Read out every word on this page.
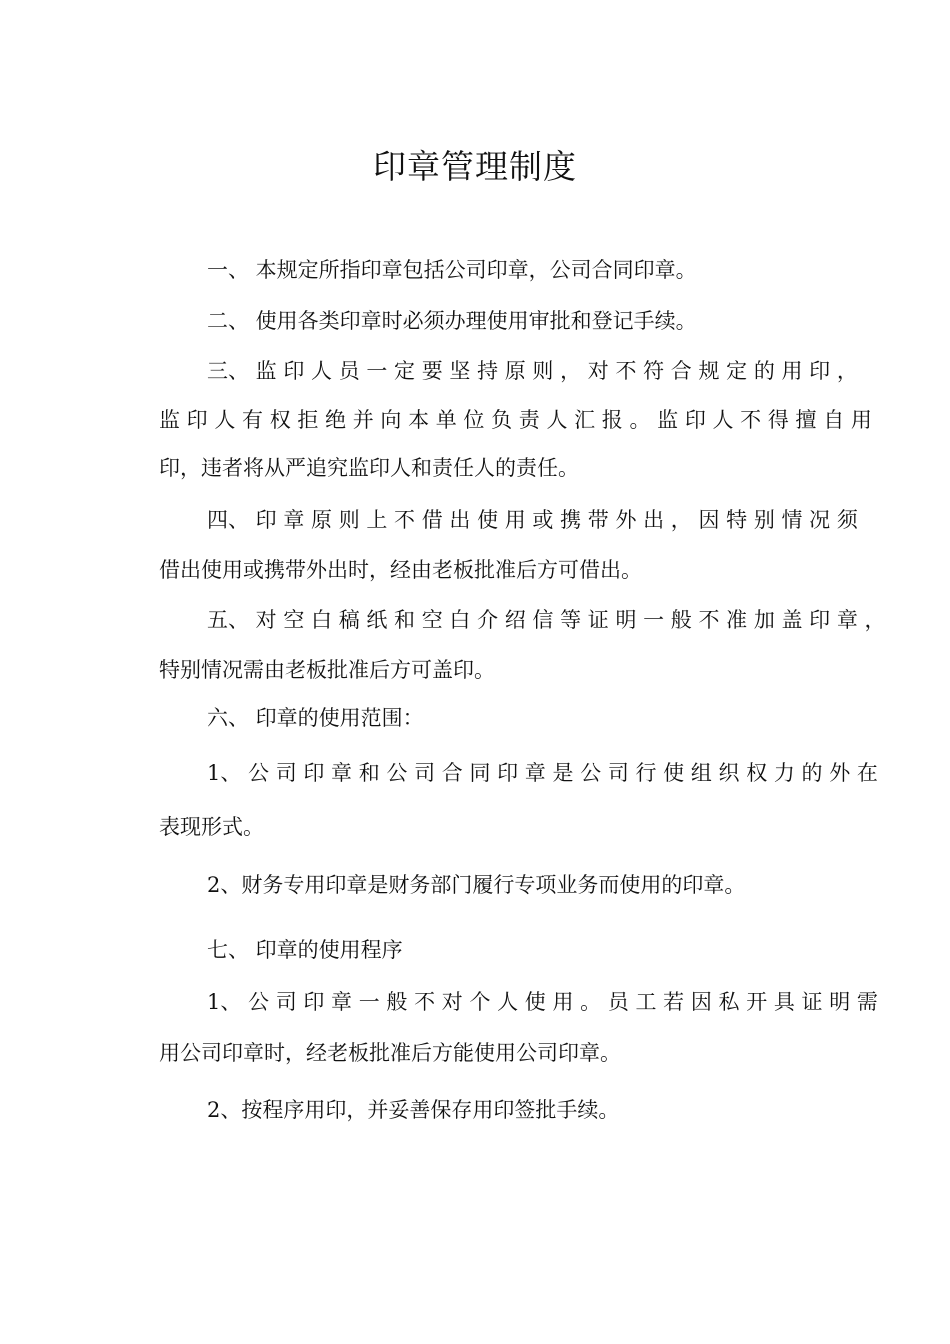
印章管理制度

一、 本规定所指印章包括公司印章，公司合同印章。

二、 使用各类印章时必须办理使用审批和登记手续。

三、 监 印 人 员 一 定 要 坚 持 原 则 ， 对 不 符 合 规 定 的 用 印 ，

监 印 人 有 权 拒 绝 并 向 本 单 位 负 责 人 汇 报 。 监 印 人 不 得 擅 自 用

印，违者将从严追究监印人和责任人的责任。

四、 印 章 原 则 上 不 借 出 使 用 或 携 带 外 出 ， 因 特 别 情 况 须

借出使用或携带外出时，经由老板批准后方可借出。

五、 对 空 白 稿 纸 和 空 白 介 绍 信 等 证 明 一 般 不 准 加 盖 印 章 ，

特别情况需由老板批准后方可盖印。

六、 印章的使用范围：

1、 公 司 印 章 和 公 司 合 同 印 章 是 公 司 行 使 组 织 权 力 的 外 在

表现形式。

2、财务专用印章是财务部门履行专项业务而使用的印章。

七、 印章的使用程序

1、 公 司 印 章 一 般 不 对 个 人 使 用 。 员 工 若 因 私 开 具 证 明 需

用公司印章时，经老板批准后方能使用公司印章。

2、按程序用印，并妥善保存用印签批手续。
